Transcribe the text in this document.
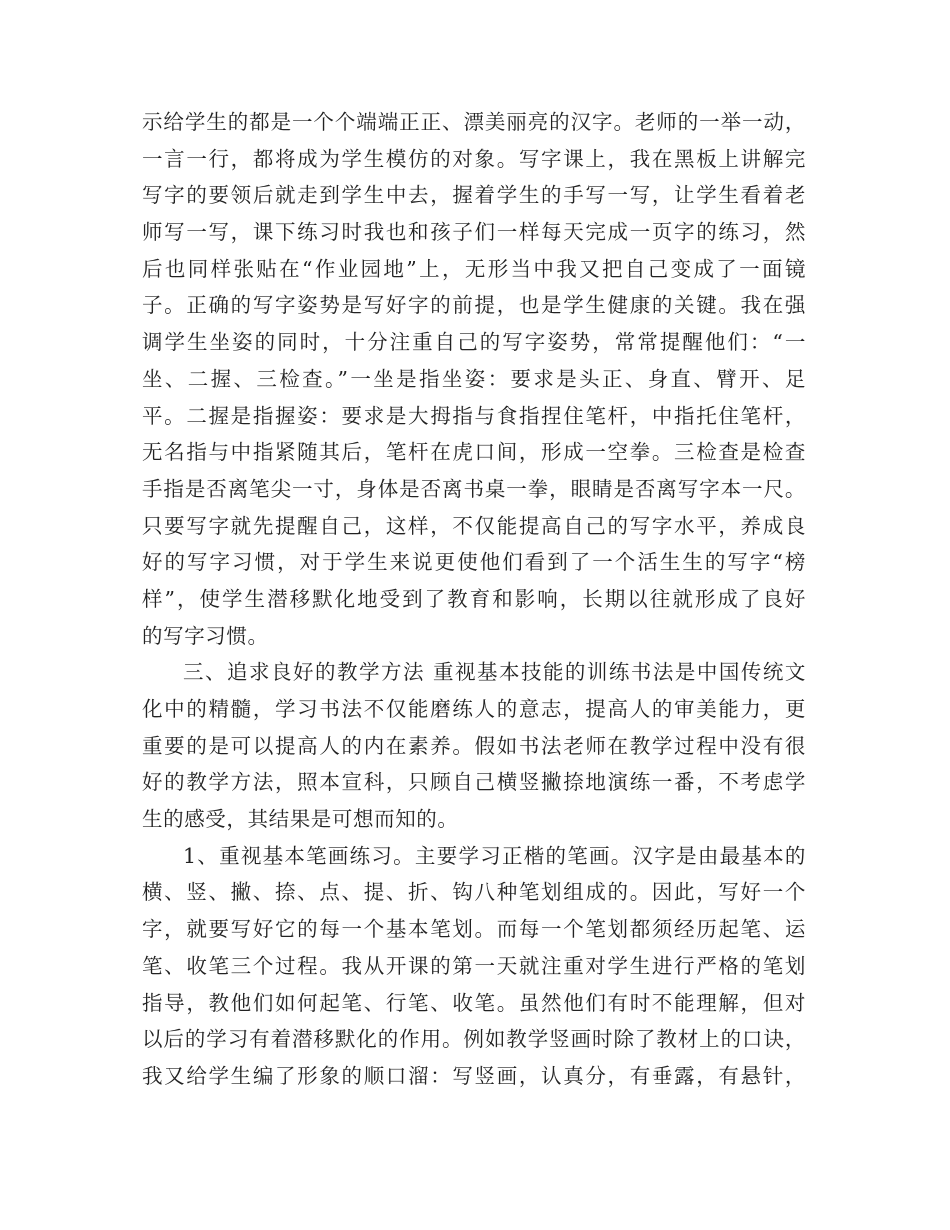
示给学生的都是一个个端端正正、漂美丽亮的汉字。老师的一举一动，
一言一行，都将成为学生模仿的对象。写字课上，我在黑板上讲解完
写字的要领后就走到学生中去，握着学生的手写一写，让学生看着老
师写一写，课下练习时我也和孩子们一样每天完成一页字的练习，然
后也同样张贴在“作业园地”上，无形当中我又把自己变成了一面镜
子。正确的写字姿势是写好字的前提，也是学生健康的关键。我在强
调学生坐姿的同时，十分注重自己的写字姿势，常常提醒他们：“一
坐、二握、三检查。”一坐是指坐姿：要求是头正、身直、臂开、足
平。二握是指握姿：要求是大拇指与食指捏住笔杆，中指托住笔杆，
无名指与中指紧随其后，笔杆在虎口间，形成一空拳。三检查是检查
手指是否离笔尖一寸，身体是否离书桌一拳，眼睛是否离写字本一尺。
只要写字就先提醒自己，这样，不仅能提高自己的写字水平，养成良
好的写字习惯，对于学生来说更使他们看到了一个活生生的写字“榜
样”，使学生潜移默化地受到了教育和影响，长期以往就形成了良好
的写字习惯。
三、追求良好的教学方法 重视基本技能的训练书法是中国传统文
化中的精髓，学习书法不仅能磨练人的意志，提高人的审美能力，更
重要的是可以提高人的内在素养。假如书法老师在教学过程中没有很
好的教学方法，照本宣科，只顾自己横竖撇捺地演练一番，不考虑学
生的感受，其结果是可想而知的。
1、重视基本笔画练习。主要学习正楷的笔画。汉字是由最基本的
横、竖、撇、捺、点、提、折、钩八种笔划组成的。因此，写好一个
字，就要写好它的每一个基本笔划。而每一个笔划都须经历起笔、运
笔、收笔三个过程。我从开课的第一天就注重对学生进行严格的笔划
指导，教他们如何起笔、行笔、收笔。虽然他们有时不能理解，但对
以后的学习有着潜移默化的作用。例如教学竖画时除了教材上的口诀，
我又给学生编了形象的顺口溜：写竖画，认真分，有垂露，有悬针，
